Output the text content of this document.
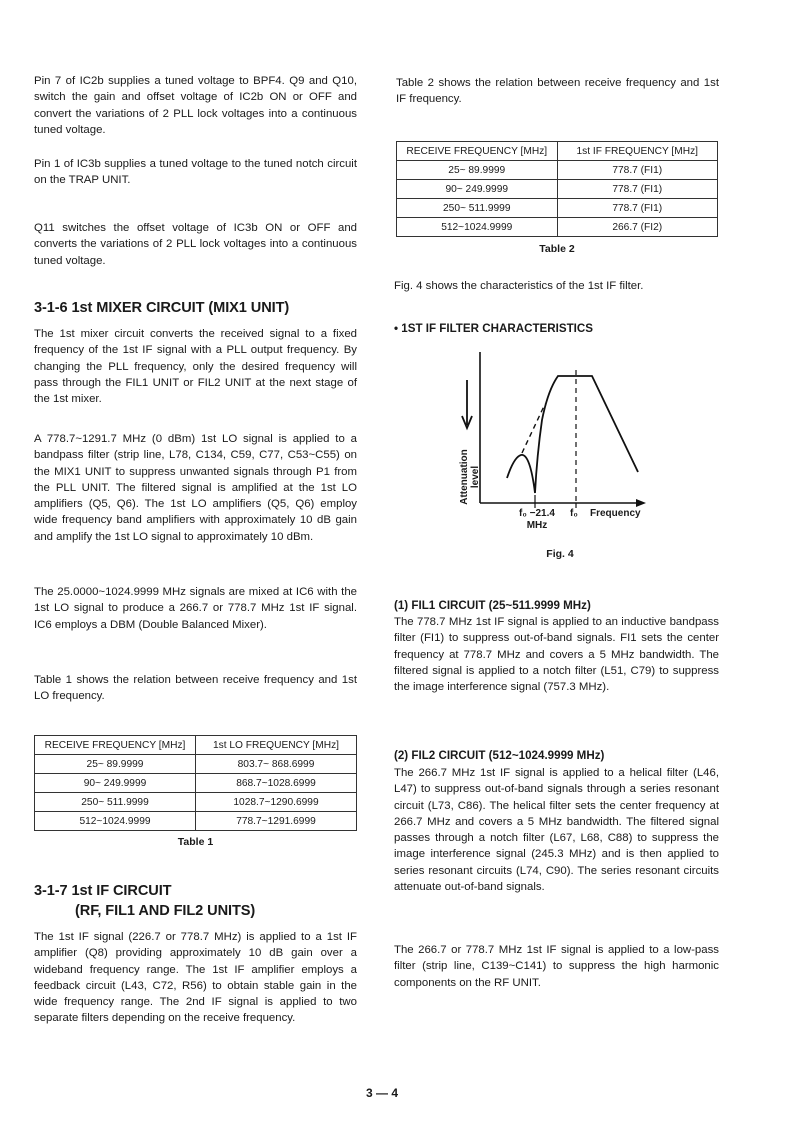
Pin 7 of IC2b supplies a tuned voltage to BPF4. Q9 and Q10, switch the gain and offset voltage of IC2b ON or OFF and convert the variations of 2 PLL lock voltages into a continuous tuned voltage.

Pin 1 of IC3b supplies a tuned voltage to the tuned notch circuit on the TRAP UNIT.

Q11 switches the offset voltage of IC3b ON or OFF and converts the variations of 2 PLL lock voltages into a continuous tuned voltage.

3-1-6 1st MIXER CIRCUIT (MIX1 UNIT)

The 1st mixer circuit converts the received signal to a fixed frequency of the 1st IF signal with a PLL output frequency. By changing the PLL frequency, only the desired frequency will pass through the FIL1 UNIT or FIL2 UNIT at the next stage of the 1st mixer.

A 778.7~1291.7 MHz (0 dBm) 1st LO signal is applied to a bandpass filter (strip line, L78, C134, C59, C77, C53~C55) on the MIX1 UNIT to suppress unwanted signals through P1 from the PLL UNIT. The filtered signal is amplified at the 1st LO amplifiers (Q5, Q6). The 1st LO amplifiers (Q5, Q6) employ wide frequency band amplifiers with approximately 10 dB gain and amplify the 1st LO signal to approximately 10 dBm.

The 25.0000~1024.9999 MHz signals are mixed at IC6 with the 1st LO signal to produce a 266.7 or 778.7 MHz 1st IF signal. IC6 employs a DBM (Double Balanced Mixer).

Table 1 shows the relation between receive frequency and 1st LO frequency.

RECEIVE FREQUENCY [MHz]	1st LO FREQUENCY [MHz]
25~ 89.9999	803.7~ 868.6999
90~ 249.9999	868.7~1028.6999
250~ 511.9999	1028.7~1290.6999
512~1024.9999	778.7~1291.6999
Table 1
3-1-7 1st IF CIRCUIT
(RF, FIL1 AND FIL2 UNITS)

The 1st IF signal (226.7 or 778.7 MHz) is applied to a 1st IF amplifier (Q8) providing approximately 10 dB gain over a wideband frequency range. The 1st IF amplifier employs a feedback circuit (L43, C72, R56) to obtain stable gain in the wide frequency range. The 2nd IF signal is applied to two separate filters depending on the receive frequency.

Table 2 shows the relation between receive frequency and 1st IF frequency.

RECEIVE FREQUENCY [MHz]	1st IF FREQUENCY [MHz]
25~ 89.9999	778.7 (FI1)
90~ 249.9999	778.7 (FI1)
250~ 511.9999	778.7 (FI1)
512~1024.9999	266.7 (FI2)
Table 2

Fig. 4 shows the characteristics of the 1st IF filter.

• 1ST IF FILTER CHARACTERISTICS
Attenuation
level
f₀ −21.4
MHz
f₀ Frequency
Fig. 4
(1) FIL1 CIRCUIT (25~511.9999 MHz)

The 778.7 MHz 1st IF signal is applied to an inductive bandpass filter (FI1) to suppress out-of-band signals. FI1 sets the center frequency at 778.7 MHz and covers a 5 MHz bandwidth. The filtered signal is applied to a notch filter (L51, C79) to suppress the image interference signal (757.3 MHz).

(2) FIL2 CIRCUIT (512~1024.9999 MHz)

The 266.7 MHz 1st IF signal is applied to a helical filter (L46, L47) to suppress out-of-band signals through a series resonant circuit (L73, C86). The helical filter sets the center frequency at 266.7 MHz and covers a 5 MHz bandwidth. The filtered signal passes through a notch filter (L67, L68, C88) to suppress the image interference signal (245.3 MHz) and is then applied to series resonant circuits (L74, C90). The series resonant circuits attenuate out-of-band signals.

The 266.7 or 778.7 MHz 1st IF signal is applied to a low-pass filter (strip line, C139~C141) to suppress the high harmonic components on the RF UNIT.

3 — 4
